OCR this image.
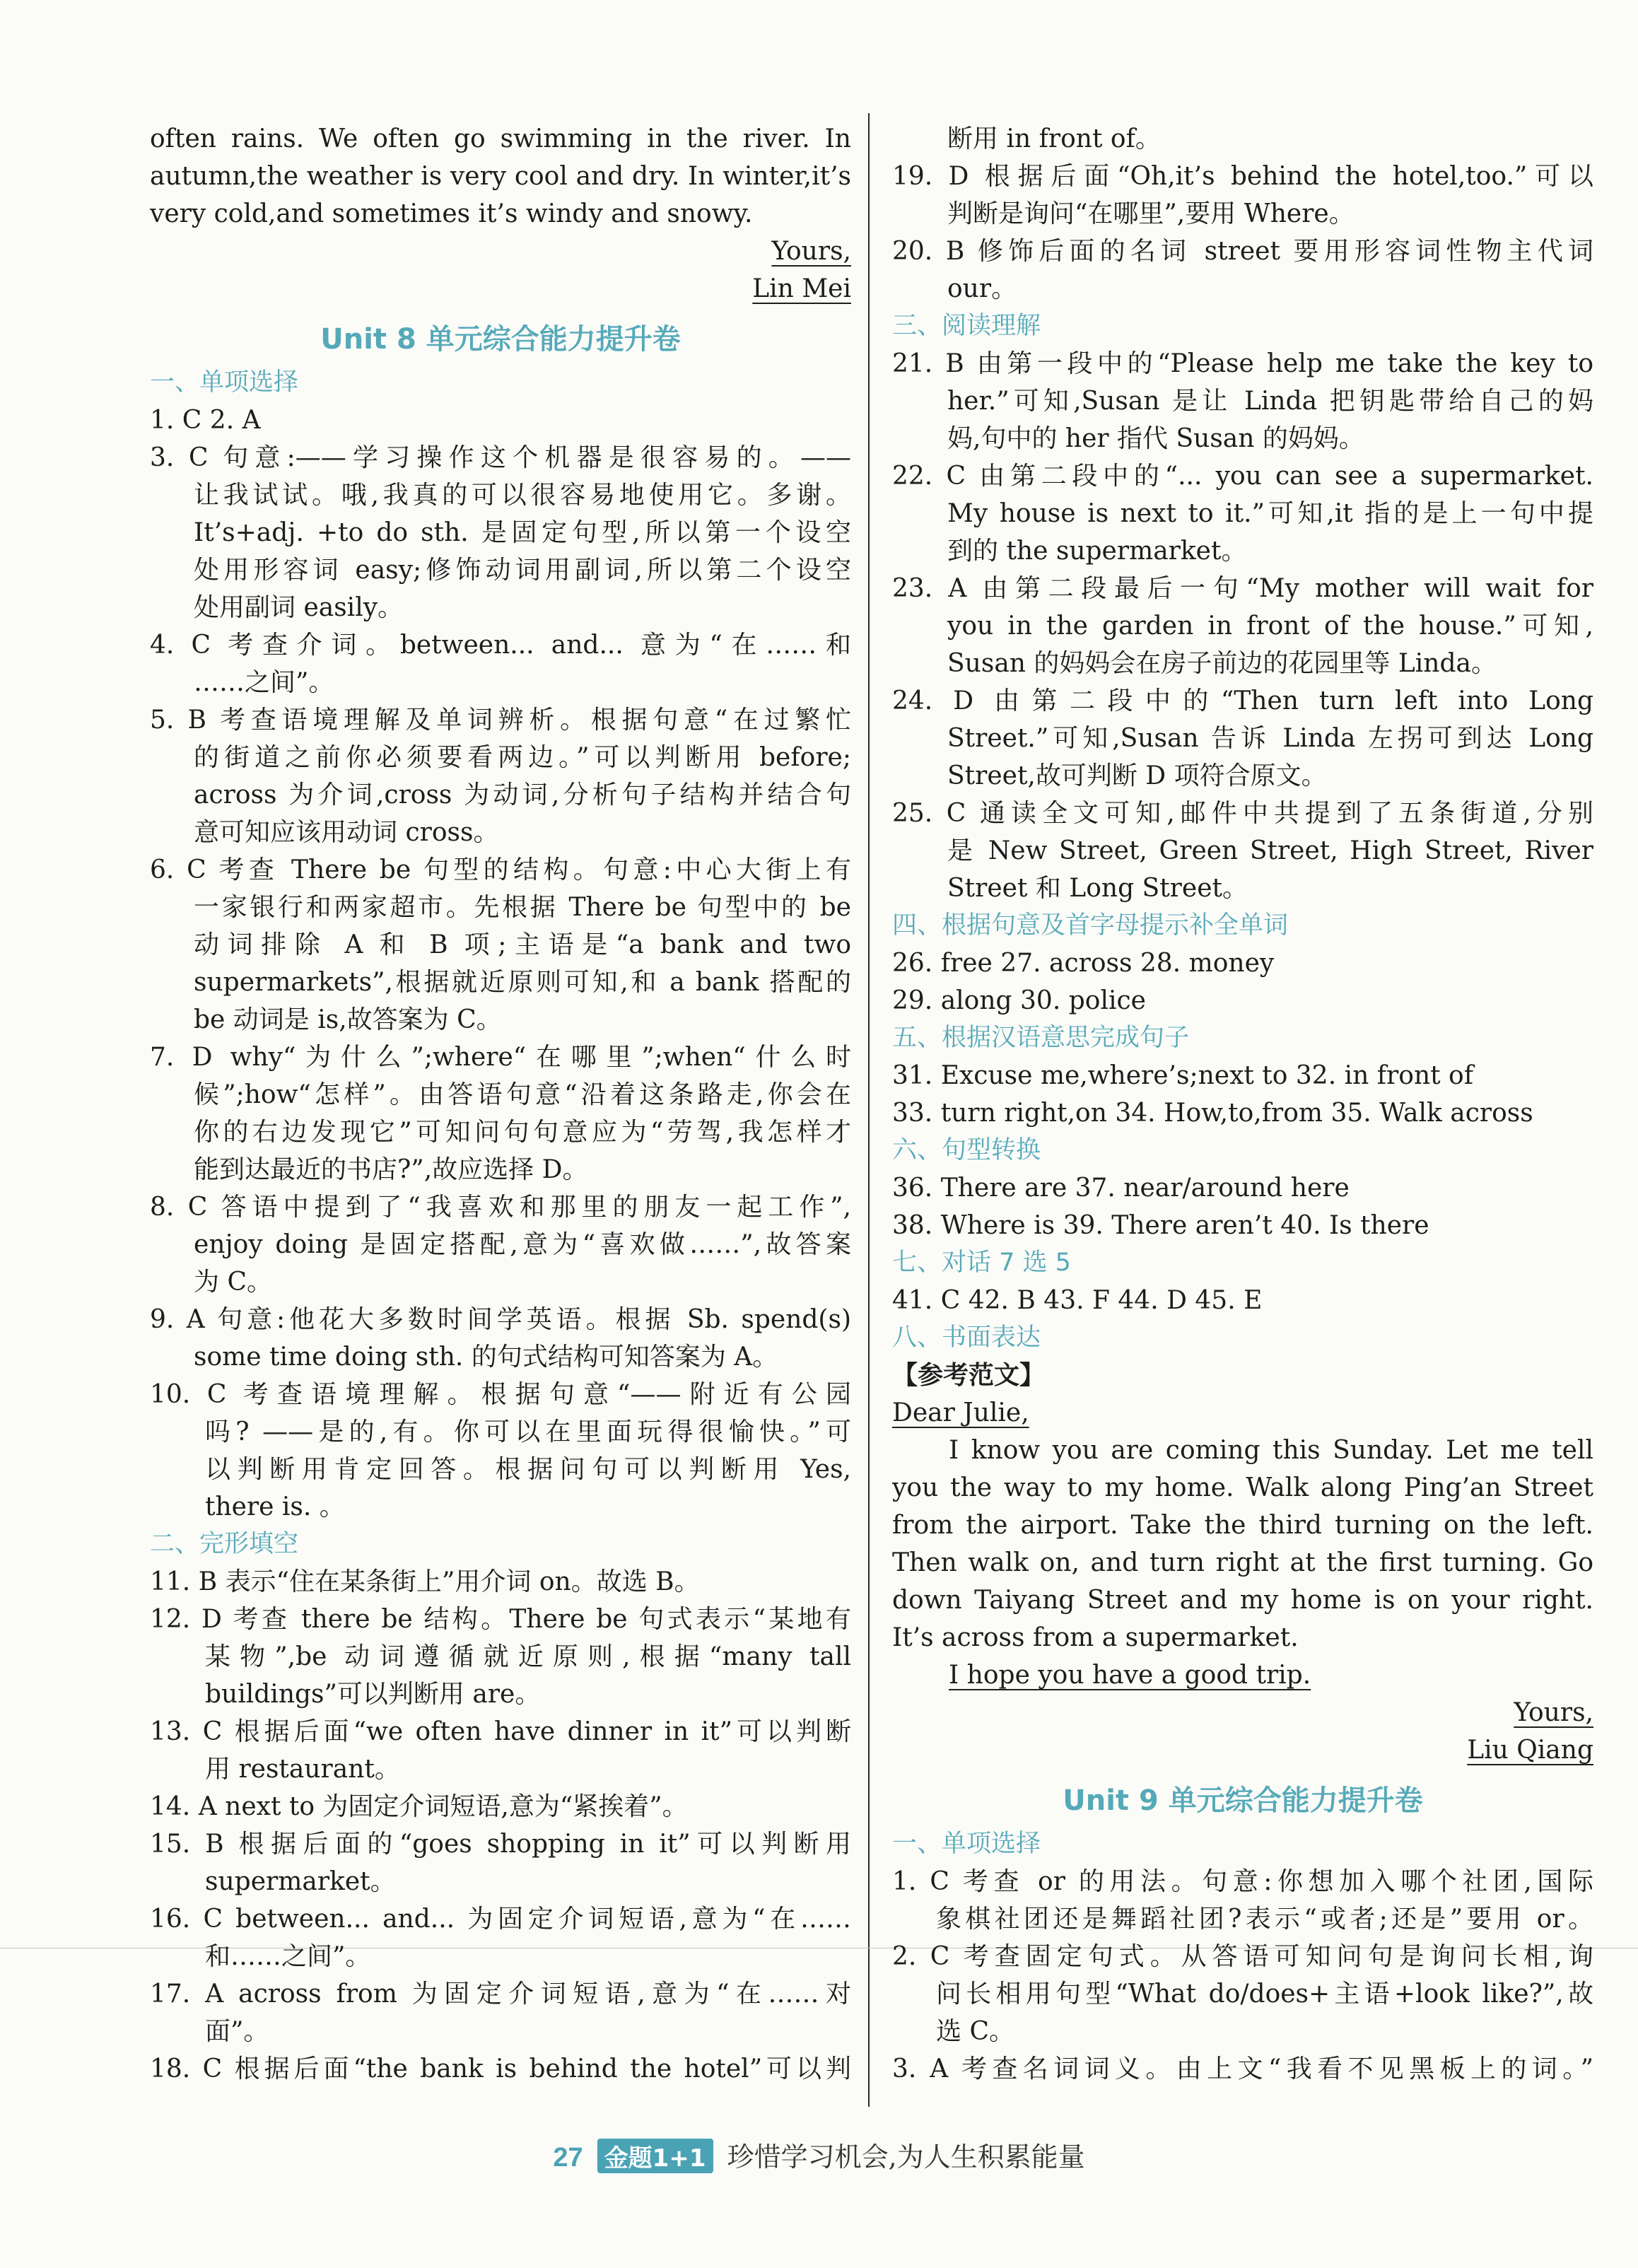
often rains. We often go swimming in the river. In
autumn,the weather is very cool and dry. In winter,it’s
very cold,and sometimes it’s windy and snowy.
Yours,
Lin Mei
Unit 8 单元综合能力提升卷
一、单项选择
1. C 2. A
3. C 句意:——学习操作这个机器是很容易的。——
让我试试。哦,我真的可以很容易地使用它。多谢。
It’s+adj. +to do sth. 是固定句型,所以第一个设空
处用形容词 easy;修饰动词用副词,所以第二个设空
处用副词 easily。
4. C 考查介词。between... and... 意为“在……和
……之间”。
5. B 考查语境理解及单词辨析。根据句意“在过繁忙
的街道之前你必须要看两边。”可以判断用 before;
across 为介词,cross 为动词,分析句子结构并结合句
意可知应该用动词 cross。
6. C 考查 There be 句型的结构。句意:中心大街上有
一家银行和两家超市。先根据 There be 句型中的 be
动词排除 A 和 B 项;主语是“a bank and two
supermarkets”,根据就近原则可知,和 a bank 搭配的
be 动词是 is,故答案为 C。
7. D why“为什么”;where“在哪里”;when“什么时
候”;how“怎样”。由答语句意“沿着这条路走,你会在
你的右边发现它”可知问句句意应为“劳驾,我怎样才
能到达最近的书店?”,故应选择 D。
8. C 答语中提到了“我喜欢和那里的朋友一起工作”,
enjoy doing 是固定搭配,意为“喜欢做……”,故答案
为 C。
9. A 句意:他花大多数时间学英语。根据 Sb. spend(s)
some time doing sth. 的句式结构可知答案为 A。
10. C 考查语境理解。根据句意“——附近有公园
吗? ——是的,有。你可以在里面玩得很愉快。”可
以判断用肯定回答。根据问句可以判断用 Yes,
there is. 。
二、完形填空
11. B 表示“住在某条街上”用介词 on。故选 B。
12. D 考查 there be 结构。There be 句式表示“某地有
某物”,be 动词遵循就近原则,根据“many tall
buildings”可以判断用 are。
13. C 根据后面“we often have dinner in it”可以判断
用 restaurant。
14. A next to 为固定介词短语,意为“紧挨着”。
15. B 根据后面的“goes shopping in it”可以判断用
supermarket。
16. C between... and... 为固定介词短语,意为“在……
和……之间”。
17. A across from 为固定介词短语,意为“在……对
面”。
18. C 根据后面“the bank is behind the hotel”可以判
断用 in front of。
19. D 根据后面“Oh,it’s behind the hotel,too.”可以
判断是询问“在哪里”,要用 Where。
20. B 修饰后面的名词 street 要用形容词性物主代词
our。
三、阅读理解
21. B 由第一段中的“Please help me take the key to
her.”可知,Susan 是让 Linda 把钥匙带给自己的妈
妈,句中的 her 指代 Susan 的妈妈。
22. C 由第二段中的“... you can see a supermarket.
My house is next to it.”可知,it 指的是上一句中提
到的 the supermarket。
23. A 由第二段最后一句“My mother will wait for
you in the garden in front of the house.”可知,
Susan 的妈妈会在房子前边的花园里等 Linda。
24. D 由第二段中的“Then turn left into Long
Street.”可知,Susan 告诉 Linda 左拐可到达 Long
Street,故可判断 D 项符合原文。
25. C 通读全文可知,邮件中共提到了五条街道,分别
是 New Street, Green Street, High Street, River
Street 和 Long Street。
四、根据句意及首字母提示补全单词
26. free 27. across 28. money
29. along 30. police
五、根据汉语意思完成句子
31. Excuse me,where’s;next to 32. in front of
33. turn right,on 34. How,to,from 35. Walk across
六、句型转换
36. There are 37. near/around here
38. Where is 39. There aren’t 40. Is there
七、对话 7 选 5
41. C 42. B 43. F 44. D 45. E
八、书面表达
【参考范文】
Dear Julie,
I know you are coming this Sunday. Let me tell
you the way to my home. Walk along Ping’an Street
from the airport. Take the third turning on the left.
Then walk on, and turn right at the first turning. Go
down Taiyang Street and my home is on your right.
It’s across from a supermarket.
I hope you have a good trip.
Yours,
Liu Qiang
Unit 9 单元综合能力提升卷
一、单项选择
1. C 考查 or 的用法。句意:你想加入哪个社团,国际
象棋社团还是舞蹈社团?表示“或者;还是”要用 or。
2. C 考查固定句式。从答语可知问句是询问长相,询
问长相用句型“What do/does+主语+look like?”,故
选 C。
3. A 考查名词词义。由上文“我看不见黑板上的词。”
27 金题1+1 珍惜学习机会,为人生积累能量
